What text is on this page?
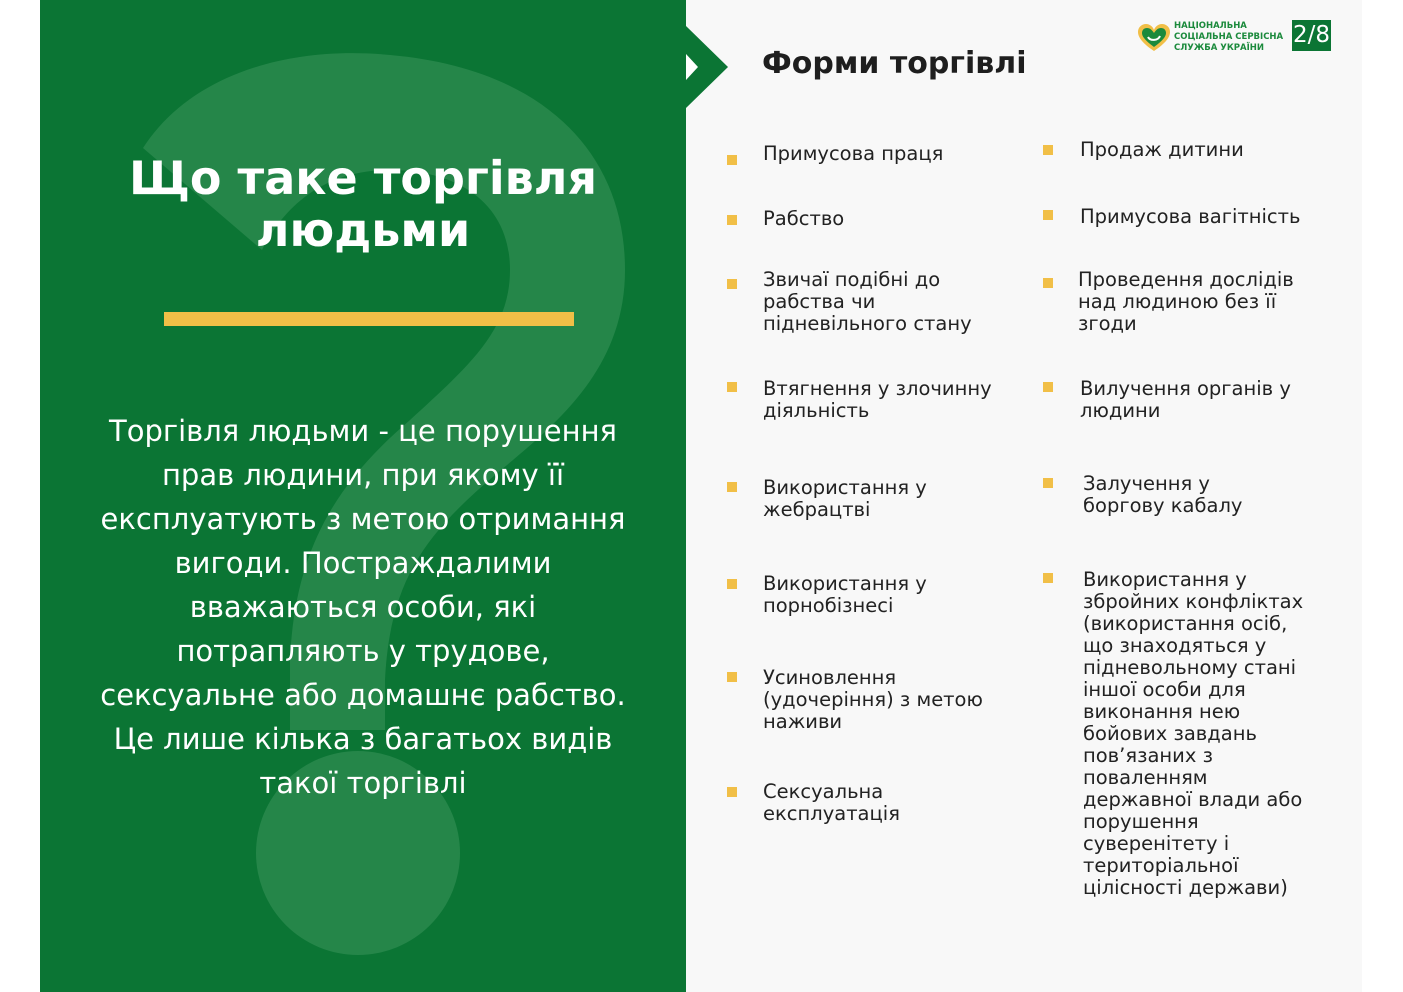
Що таке торгівля людьми
Торгівля людьми - це порушення прав людини, при якому її експлуатують з метою отримання вигоди. Постраждалими вважаються особи, які потрапляють у трудове, сексуальне або домашнє рабство. Це лише кілька з багатьох видів такої торгівлі
Форми торгівлі
НАЦІОНАЛЬНА
СОЦІАЛЬНА СЕРВІСНА
СЛУЖБА УКРАЇНИ	2/8
Примусова праця
Рабство
Звичаї подібні до рабства чи підневільного стану
Втягнення у злочинну діяльність
Використання у жебрацтві
Використання у порнобізнесі
Усиновлення (удочеріння) з метою наживи
Сексуальна експлуатація
Продаж дитини
Примусова вагітність
Проведення дослідів над людиною без її згоди
Вилучення органів у людини
Залучення у боргову кабалу
Використання у збройних конфліктах (використання осіб, що знаходяться у підневольному стані іншої особи для виконання нею бойових завдань пов’язаних з поваленням державної влади або порушення суверенітету і територіальної цілісності держави)
